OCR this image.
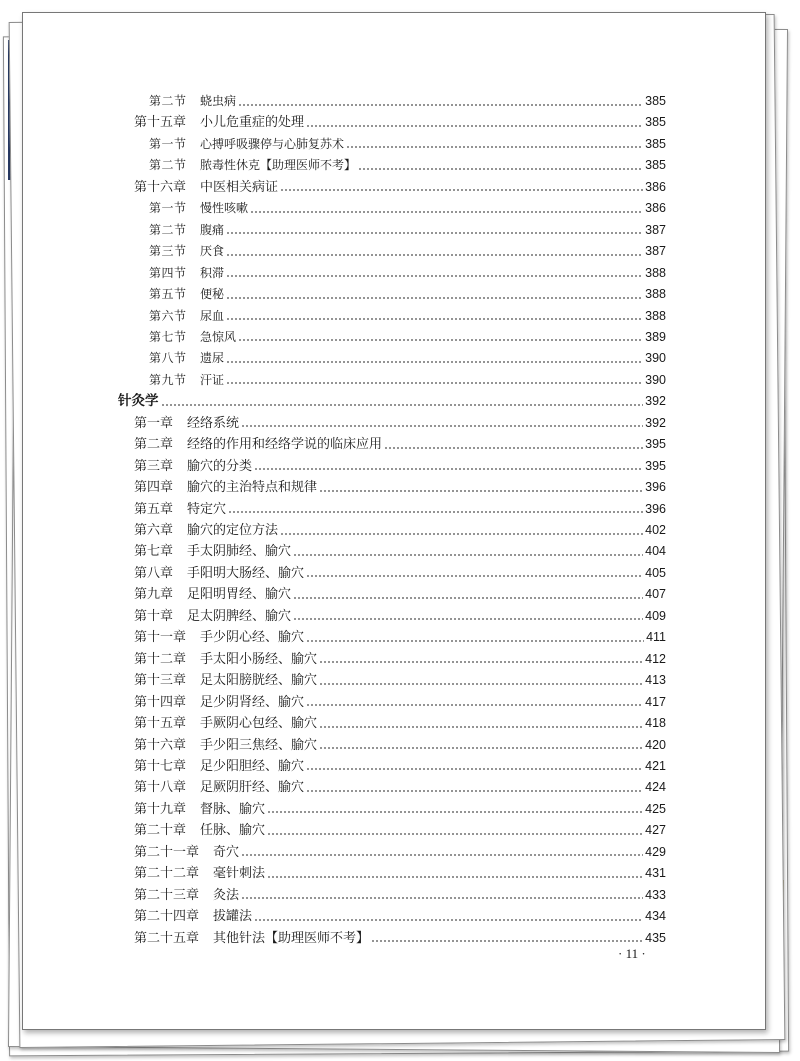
第二节	蛲虫病	385
第十五章 小儿危重症的处理	385
第一节	心搏呼吸骤停与心肺复苏术	385
第二节	脓毒性休克【助理医师不考】	385
第十六章 中医相关病证	386
第一节	慢性咳嗽	386
第二节	腹痛	387
第三节	厌食	387
第四节	积滞	388
第五节	便秘	388
第六节	尿血	388
第七节	急惊风	389
第八节	遗尿	390
第九节	汗证	390
针灸学	392
第一章 经络系统	392
第二章 经络的作用和经络学说的临床应用	395
第三章 腧穴的分类	395
第四章 腧穴的主治特点和规律	396
第五章 特定穴	396
第六章 腧穴的定位方法	402
第七章 手太阴肺经、腧穴	404
第八章 手阳明大肠经、腧穴	405
第九章 足阳明胃经、腧穴	407
第十章 足太阴脾经、腧穴	409
第十一章 手少阴心经、腧穴	411
第十二章 手太阳小肠经、腧穴	412
第十三章 足太阳膀胱经、腧穴	413
第十四章 足少阴肾经、腧穴	417
第十五章 手厥阴心包经、腧穴	418
第十六章 手少阳三焦经、腧穴	420
第十七章 足少阳胆经、腧穴	421
第十八章 足厥阴肝经、腧穴	424
第十九章 督脉、腧穴	425
第二十章 任脉、腧穴	427
第二十一章 奇穴	429
第二十二章 毫针刺法	431
第二十三章 灸法	433
第二十四章 拔罐法	434
第二十五章 其他针法【助理医师不考】	435
· 11 ·
